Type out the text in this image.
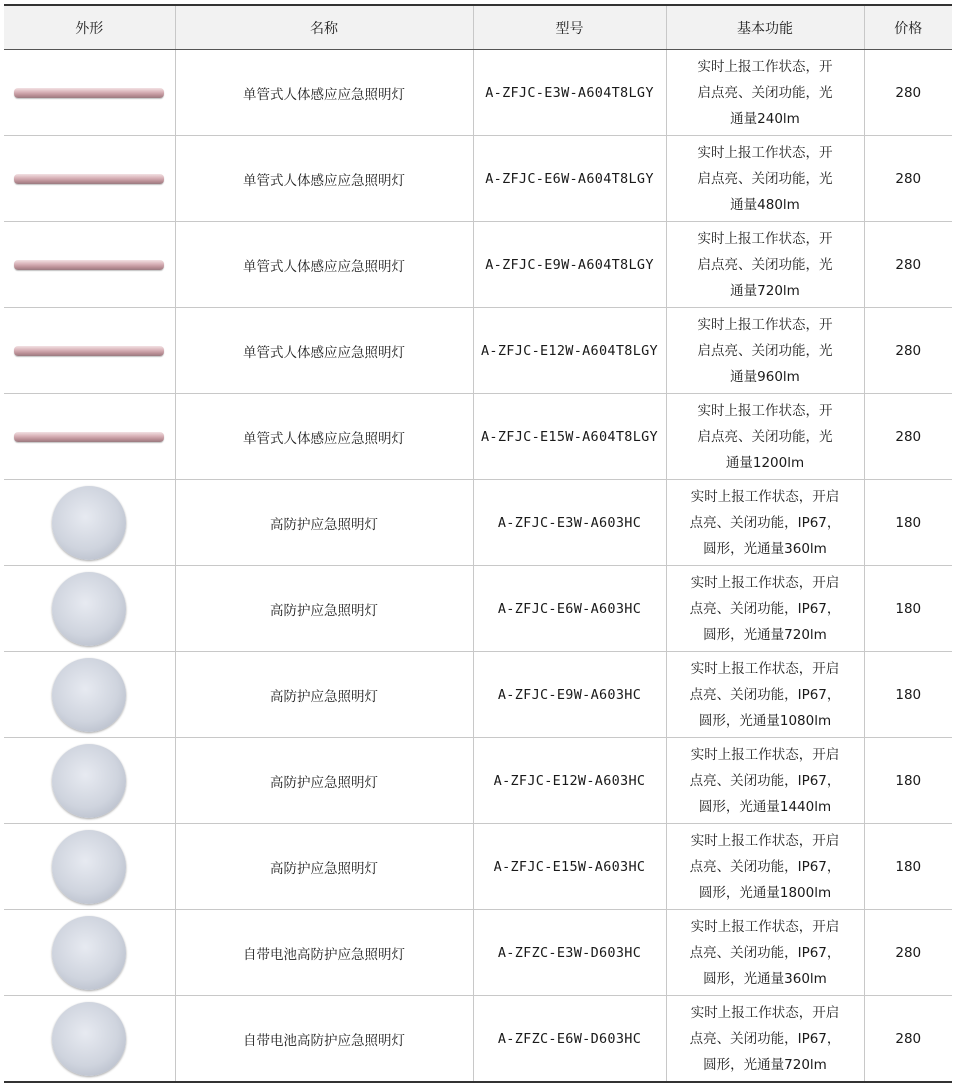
外形	名称	型号	基本功能	价格

	单管式人体感应应急照明灯	A-ZFJC-E3W-A604T8LGY	实时上报工作状态，开
启点亮、关闭功能，光
通量240lm	280

	单管式人体感应应急照明灯	A-ZFJC-E6W-A604T8LGY	实时上报工作状态，开
启点亮、关闭功能，光
通量480lm	280

	单管式人体感应应急照明灯	A-ZFJC-E9W-A604T8LGY	实时上报工作状态，开
启点亮、关闭功能，光
通量720lm	280

	单管式人体感应应急照明灯	A-ZFJC-E12W-A604T8LGY	实时上报工作状态，开
启点亮、关闭功能，光
通量960lm	280

	单管式人体感应应急照明灯	A-ZFJC-E15W-A604T8LGY	实时上报工作状态，开
启点亮、关闭功能，光
通量1200lm	280

	高防护应急照明灯	A-ZFJC-E3W-A603HC	实时上报工作状态，开启
点亮、关闭功能，IP67，
圆形，光通量360lm	180

	高防护应急照明灯	A-ZFJC-E6W-A603HC	实时上报工作状态，开启
点亮、关闭功能，IP67，
圆形，光通量720lm	180

	高防护应急照明灯	A-ZFJC-E9W-A603HC	实时上报工作状态，开启
点亮、关闭功能，IP67，
圆形，光通量1080lm	180

	高防护应急照明灯	A-ZFJC-E12W-A603HC	实时上报工作状态，开启
点亮、关闭功能，IP67，
圆形，光通量1440lm	180

	高防护应急照明灯	A-ZFJC-E15W-A603HC	实时上报工作状态，开启
点亮、关闭功能，IP67，
圆形，光通量1800lm	180

	自带电池高防护应急照明灯	A-ZFZC-E3W-D603HC	实时上报工作状态，开启
点亮、关闭功能，IP67，
圆形，光通量360lm	280

	自带电池高防护应急照明灯	A-ZFZC-E6W-D603HC	实时上报工作状态，开启
点亮、关闭功能，IP67，
圆形，光通量720lm	280
